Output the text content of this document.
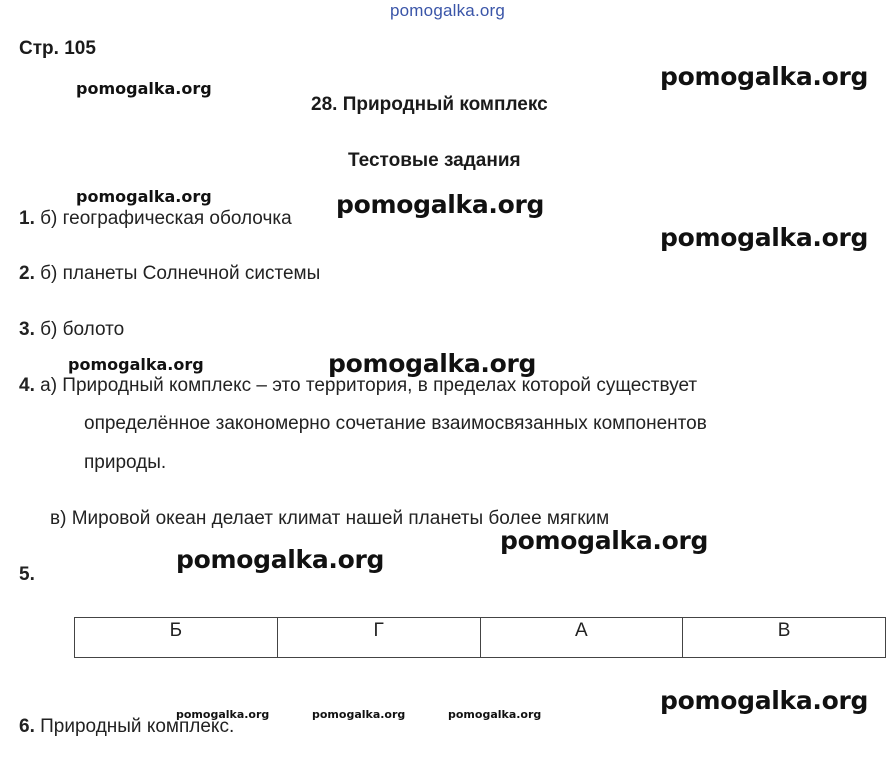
pomogalka.org
pomogalka.org	pomogalka.org
pomogalka.org	pomogalka.org
pomogalka.org
pomogalka.org	pomogalka.org
pomogalka.org
pomogalka.org
pomogalka.org
pomogalka.org	pomogalka.org	pomogalka.org
Стр. 105
28. Природный комплекс
Тестовые задания
1. б) географическая оболочка
2. б) планеты Солнечной системы
3. б) болото
4. а) Природный комплекс – это территория, в пределах которой существует
определённое закономерно сочетание взаимосвязанных компонентов
природы.
в) Мировой океан делает климат нашей планеты более мягким
5.
Б	Г	А	В
6. Природный комплекс.
